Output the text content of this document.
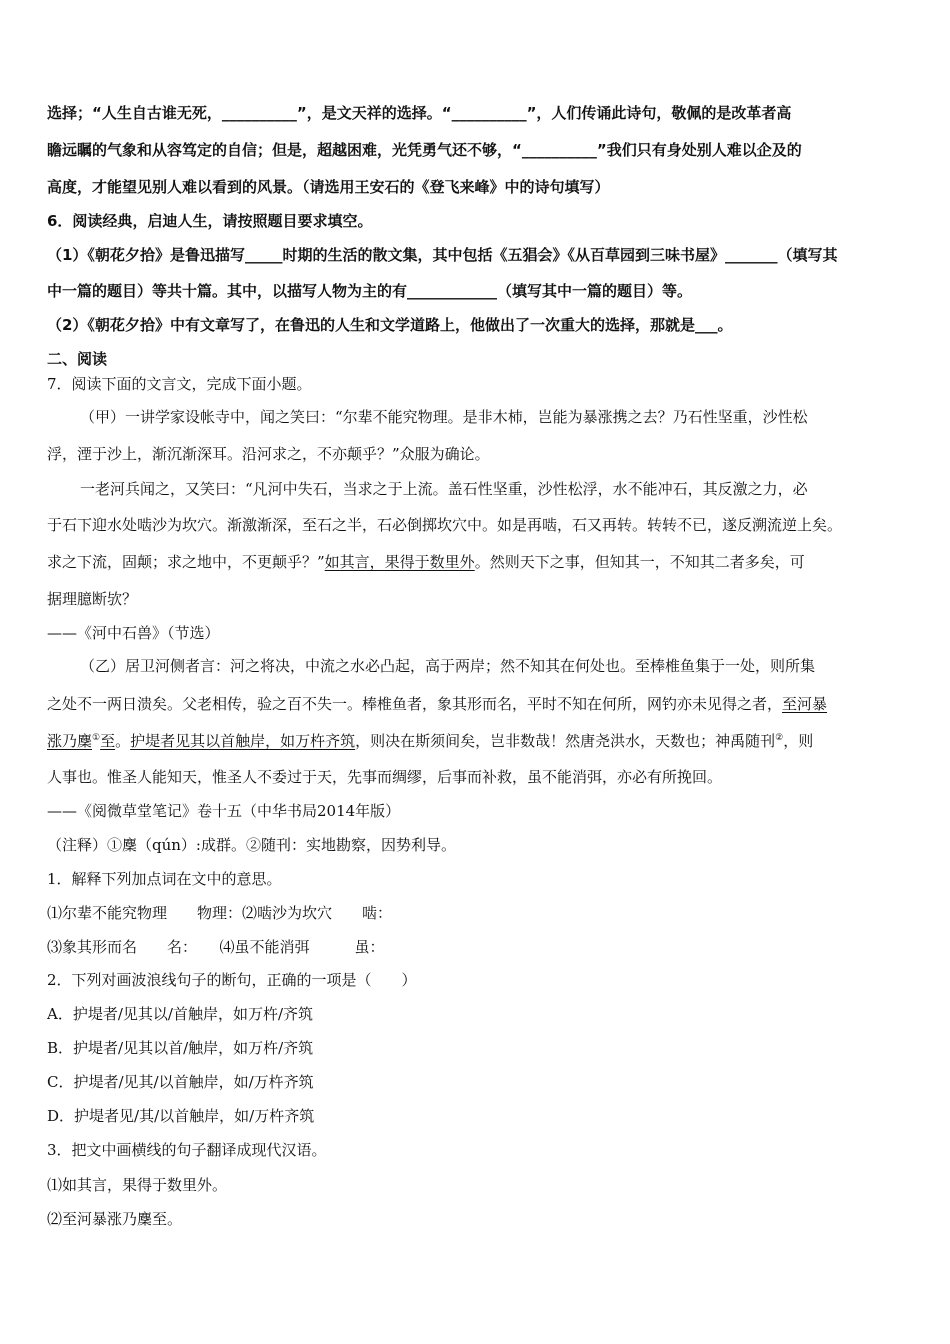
选择；“人生自古谁无死，__________”，是文天祥的选择。“__________”，人们传诵此诗句，敬佩的是改革者高
瞻远瞩的气象和从容笃定的自信；但是，超越困难，光凭勇气还不够，“__________”我们只有身处别人难以企及的
高度，才能望见别人难以看到的风景。（请选用王安石的《登飞来峰》中的诗句填写）
6．阅读经典，启迪人生，请按照题目要求填空。
（1）《朝花夕拾》是鲁迅描写_____时期的生活的散文集，其中包括《五猖会》《从百草园到三味书屋》_______（填写其
中一篇的题目）等共十篇。其中，以描写人物为主的有____________（填写其中一篇的题目）等。
（2）《朝花夕拾》中有文章写了，在鲁迅的人生和文学道路上，他做出了一次重大的选择，那就是___。
二、阅读
7．阅读下面的文言文，完成下面小题。
（甲）一讲学家设帐寺中，闻之笑曰：“尔辈不能究物理。是非木杮，岂能为暴涨携之去？乃石性坚重，沙性松
浮，湮于沙上，渐沉渐深耳。沿河求之，不亦颠乎？”众服为确论。
一老河兵闻之，又笑曰：“凡河中失石，当求之于上流。盖石性坚重，沙性松浮，水不能冲石，其反激之力，必
于石下迎水处啮沙为坎穴。渐激渐深，至石之半，石必倒掷坎穴中。如是再啮，石又再转。转转不已，遂反溯流逆上矣。
求之下流，固颠；求之地中，不更颠乎？”如其言，果得于数里外。然则天下之事，但知其一，不知其二者多矣，可
据理臆断欤？
——《河中石兽》（节选）
（乙）居卫河侧者言：河之将决，中流之水必凸起，高于两岸；然不知其在何处也。至棒椎鱼集于一处，则所集
之处不一两日溃矣。父老相传，验之百不失一。棒椎鱼者，象其形而名，平时不知在何所，网钓亦未见得之者，至河暴
涨乃麇①至。护堤者见其以首触岸，如万杵齐筑，则决在斯须间矣，岂非数哉！然唐尧洪水，天数也；神禹随刊②，则
人事也。惟圣人能知天，惟圣人不委过于天，先事而绸缪，后事而补救，虽不能消弭，亦必有所挽回。
——《阅微草堂笔记》卷十五（中华书局2014年版）
（注释）①麇（qún）:成群。②随刊：实地勘察，因势利导。
1．解释下列加点词在文中的意思。
⑴尔辈不能究物理　　物理：⑵啮沙为坎穴　　啮：
⑶象其形而名　　名：　　⑷虽不能消弭　　　虽：
2．下列对画波浪线句子的断句，正确的一项是（　　）
A．护堤者/见其以/首触岸，如万杵/齐筑
B．护堤者/见其以首/触岸，如万杵/齐筑
C．护堤者/见其/以首触岸，如/万杵齐筑
D．护堤者见/其/以首触岸，如/万杵齐筑
3．把文中画横线的句子翻译成现代汉语。
⑴如其言，果得于数里外。
⑵至河暴涨乃麇至。
